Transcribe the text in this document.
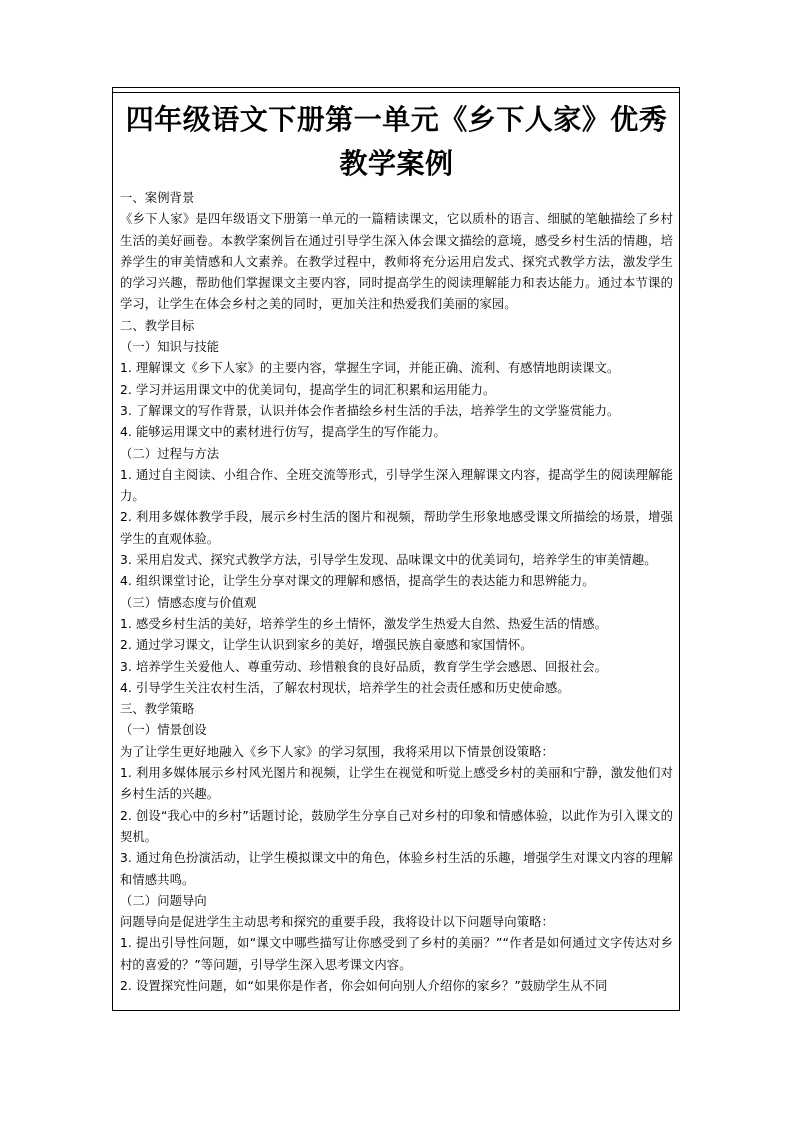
四年级语文下册第一单元《乡下人家》优秀教学案例

一、案例背景

《乡下人家》是四年级语文下册第一单元的一篇精读课文，它以质朴的语言、细腻的笔触描绘了乡村生活的美好画卷。本教学案例旨在通过引导学生深入体会课文描绘的意境，感受乡村生活的情趣，培养学生的审美情感和人文素养。在教学过程中，教师将充分运用启发式、探究式教学方法，激发学生的学习兴趣，帮助他们掌握课文主要内容，同时提高学生的阅读理解能力和表达能力。通过本节课的学习，让学生在体会乡村之美的同时，更加关注和热爱我们美丽的家园。

二、教学目标

（一）知识与技能

1. 理解课文《乡下人家》的主要内容，掌握生字词，并能正确、流利、有感情地朗读课文。

2. 学习并运用课文中的优美词句，提高学生的词汇积累和运用能力。

3. 了解课文的写作背景，认识并体会作者描绘乡村生活的手法，培养学生的文学鉴赏能力。

4. 能够运用课文中的素材进行仿写，提高学生的写作能力。

（二）过程与方法

1. 通过自主阅读、小组合作、全班交流等形式，引导学生深入理解课文内容，提高学生的阅读理解能力。

2. 利用多媒体教学手段，展示乡村生活的图片和视频，帮助学生形象地感受课文所描绘的场景，增强学生的直观体验。

3. 采用启发式、探究式教学方法，引导学生发现、品味课文中的优美词句，培养学生的审美情趣。

4. 组织课堂讨论，让学生分享对课文的理解和感悟，提高学生的表达能力和思辨能力。

（三）情感态度与价值观

1. 感受乡村生活的美好，培养学生的乡土情怀，激发学生热爱大自然、热爱生活的情感。

2. 通过学习课文，让学生认识到家乡的美好，增强民族自豪感和家国情怀。

3. 培养学生关爱他人、尊重劳动、珍惜粮食的良好品质，教育学生学会感恩、回报社会。

4. 引导学生关注农村生活，了解农村现状，培养学生的社会责任感和历史使命感。

三、教学策略

（一）情景创设

为了让学生更好地融入《乡下人家》的学习氛围，我将采用以下情景创设策略：

1. 利用多媒体展示乡村风光图片和视频，让学生在视觉和听觉上感受乡村的美丽和宁静，激发他们对乡村生活的兴趣。

2. 创设“我心中的乡村”话题讨论，鼓励学生分享自己对乡村的印象和情感体验，以此作为引入课文的契机。

3. 通过角色扮演活动，让学生模拟课文中的角色，体验乡村生活的乐趣，增强学生对课文内容的理解和情感共鸣。

（二）问题导向

问题导向是促进学生主动思考和探究的重要手段，我将设计以下问题导向策略：

1. 提出引导性问题，如“课文中哪些描写让你感受到了乡村的美丽？”“作者是如何通过文字传达对乡村的喜爱的？”等问题，引导学生深入思考课文内容。

2. 设置探究性问题，如“如果你是作者，你会如何向别人介绍你的家乡？”鼓励学生从不同
